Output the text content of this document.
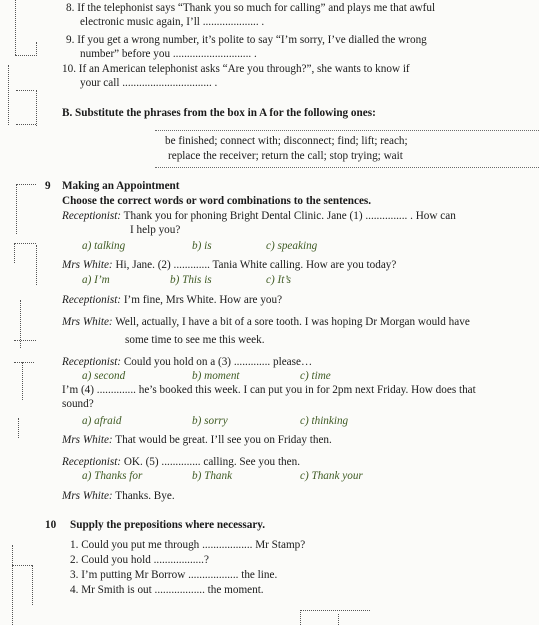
8. If the telephonist says “Thank you so much for calling” and plays me that awful
electronic music again, I’ll .................... .
9. If you get a wrong number, it’s polite to say “I’m sorry, I’ve dialled the wrong
number” before you ............................ .
10. If an American telephonist asks “Are you through?”, she wants to know if
your call ................................ .
B. Substitute the phrases from the box in A for the following ones:
be finished; connect with; disconnect; find; lift; reach;
replace the receiver; return the call; stop trying; wait
9 Making an Appointment
Choose the correct words or word combinations to the sentences.
Receptionist: Thank you for phoning Bright Dental Clinic. Jane (1) ............... . How can
I help you?
a) talking	b) is	c) speaking
Mrs White: Hi, Jane. (2) ............. Tania White calling. How are you today?
a) I’m	b) This is	c) It’s
Receptionist: I’m fine, Mrs White. How are you?
Mrs White: Well, actually, I have a bit of a sore tooth. I was hoping Dr Morgan would have
some time to see me this week.
Receptionist: Could you hold on a (3) ............. please…
a) second	b) moment	c) time
I’m (4) .............. he’s booked this week. I can put you in for 2pm next Friday. How does that
sound?
a) afraid	b) sorry	c) thinking
Mrs White: That would be great. I’ll see you on Friday then.
Receptionist: OK. (5) .............. calling. See you then.
a) Thanks for	b) Thank	c) Thank your
Mrs White: Thanks. Bye.
10 Supply the prepositions where necessary.
1. Could you put me through .................. Mr Stamp?
2. Could you hold ..................?
3. I’m putting Mr Borrow .................. the line.
4. Mr Smith is out .................. the moment.
